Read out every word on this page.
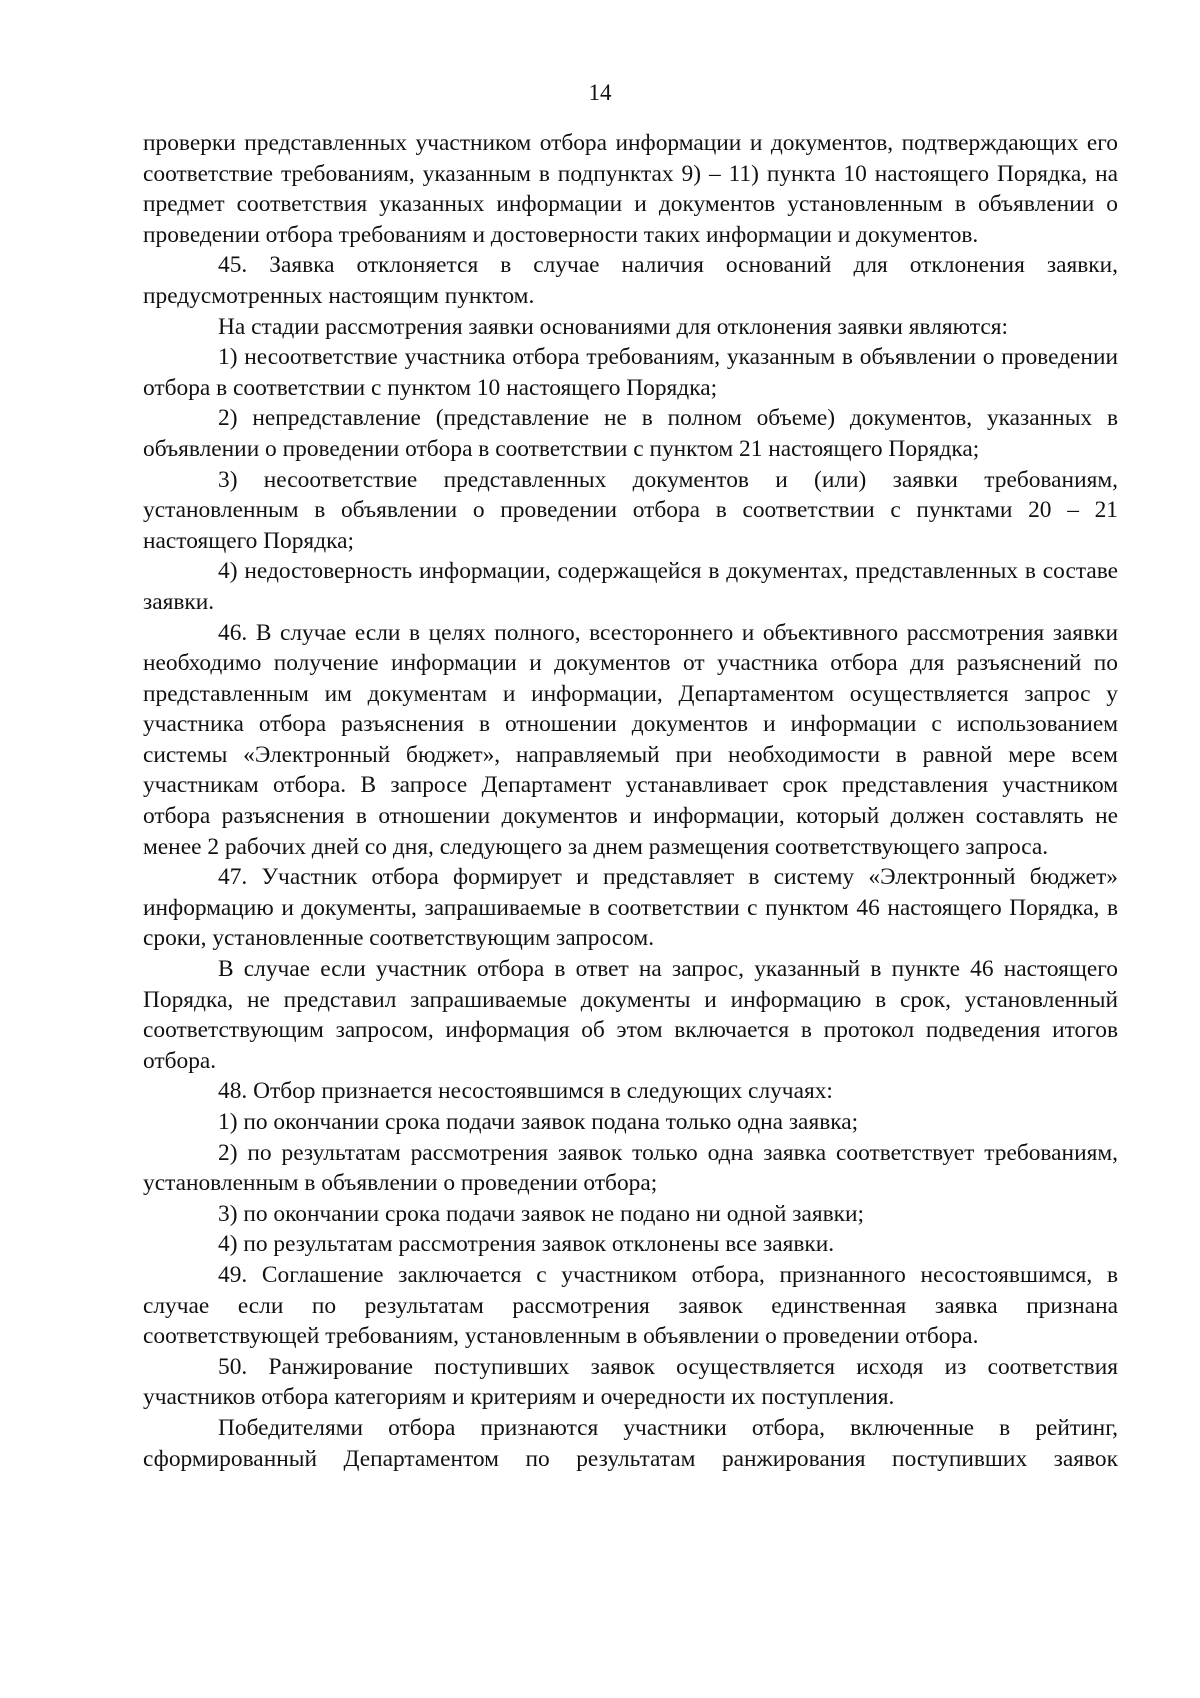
14

проверки представленных участником отбора информации и документов, подтверждающих его соответствие требованиям, указанным в подпунктах 9) – 11) пункта 10 настоящего Порядка, на предмет соответствия указанных информации и документов установленным в объявлении о проведении отбора требованиям и достоверности таких информации и документов.

45. Заявка отклоняется в случае наличия оснований для отклонения заявки, предусмотренных настоящим пунктом.

На стадии рассмотрения заявки основаниями для отклонения заявки являются:

1) несоответствие участника отбора требованиям, указанным в объявлении о проведении отбора в соответствии с пунктом 10 настоящего Порядка;

2) непредставление (представление не в полном объеме) документов, указанных в объявлении о проведении отбора в соответствии с пунктом 21 настоящего Порядка;

3) несоответствие представленных документов и (или) заявки требованиям, установленным в объявлении о проведении отбора в соответствии с пунктами 20 – 21 настоящего Порядка;

4) недостоверность информации, содержащейся в документах, представленных в составе заявки.

46. В случае если в целях полного, всестороннего и объективного рассмотрения заявки необходимо получение информации и документов от участника отбора для разъяснений по представленным им документам и информации, Департаментом осуществляется запрос у участника отбора разъяснения в отношении документов и информации с использованием системы «Электронный бюджет», направляемый при необходимости в равной мере всем участникам отбора. В запросе Департамент устанавливает срок представления участником отбора разъяснения в отношении документов и информации, который должен составлять не менее 2 рабочих дней со дня, следующего за днем размещения соответствующего запроса.

47. Участник отбора формирует и представляет в систему «Электронный бюджет» информацию и документы, запрашиваемые в соответствии с пунктом 46 настоящего Порядка, в сроки, установленные соответствующим запросом.

В случае если участник отбора в ответ на запрос, указанный в пункте 46 настоящего Порядка, не представил запрашиваемые документы и информацию в срок, установленный соответствующим запросом, информация об этом включается в протокол подведения итогов отбора.

48. Отбор признается несостоявшимся в следующих случаях:

1) по окончании срока подачи заявок подана только одна заявка;

2) по результатам рассмотрения заявок только одна заявка соответствует требованиям, установленным в объявлении о проведении отбора;

3) по окончании срока подачи заявок не подано ни одной заявки;

4) по результатам рассмотрения заявок отклонены все заявки.

49. Соглашение заключается с участником отбора, признанного несостоявшимся, в случае если по результатам рассмотрения заявок единственная заявка признана соответствующей требованиям, установленным в объявлении о проведении отбора.

50. Ранжирование поступивших заявок осуществляется исходя из соответствия участников отбора категориям и критериям и очередности их поступления.

Победителями отбора признаются участники отбора, включенные в рейтинг, сформированный Департаментом по результатам ранжирования поступивших заявок
